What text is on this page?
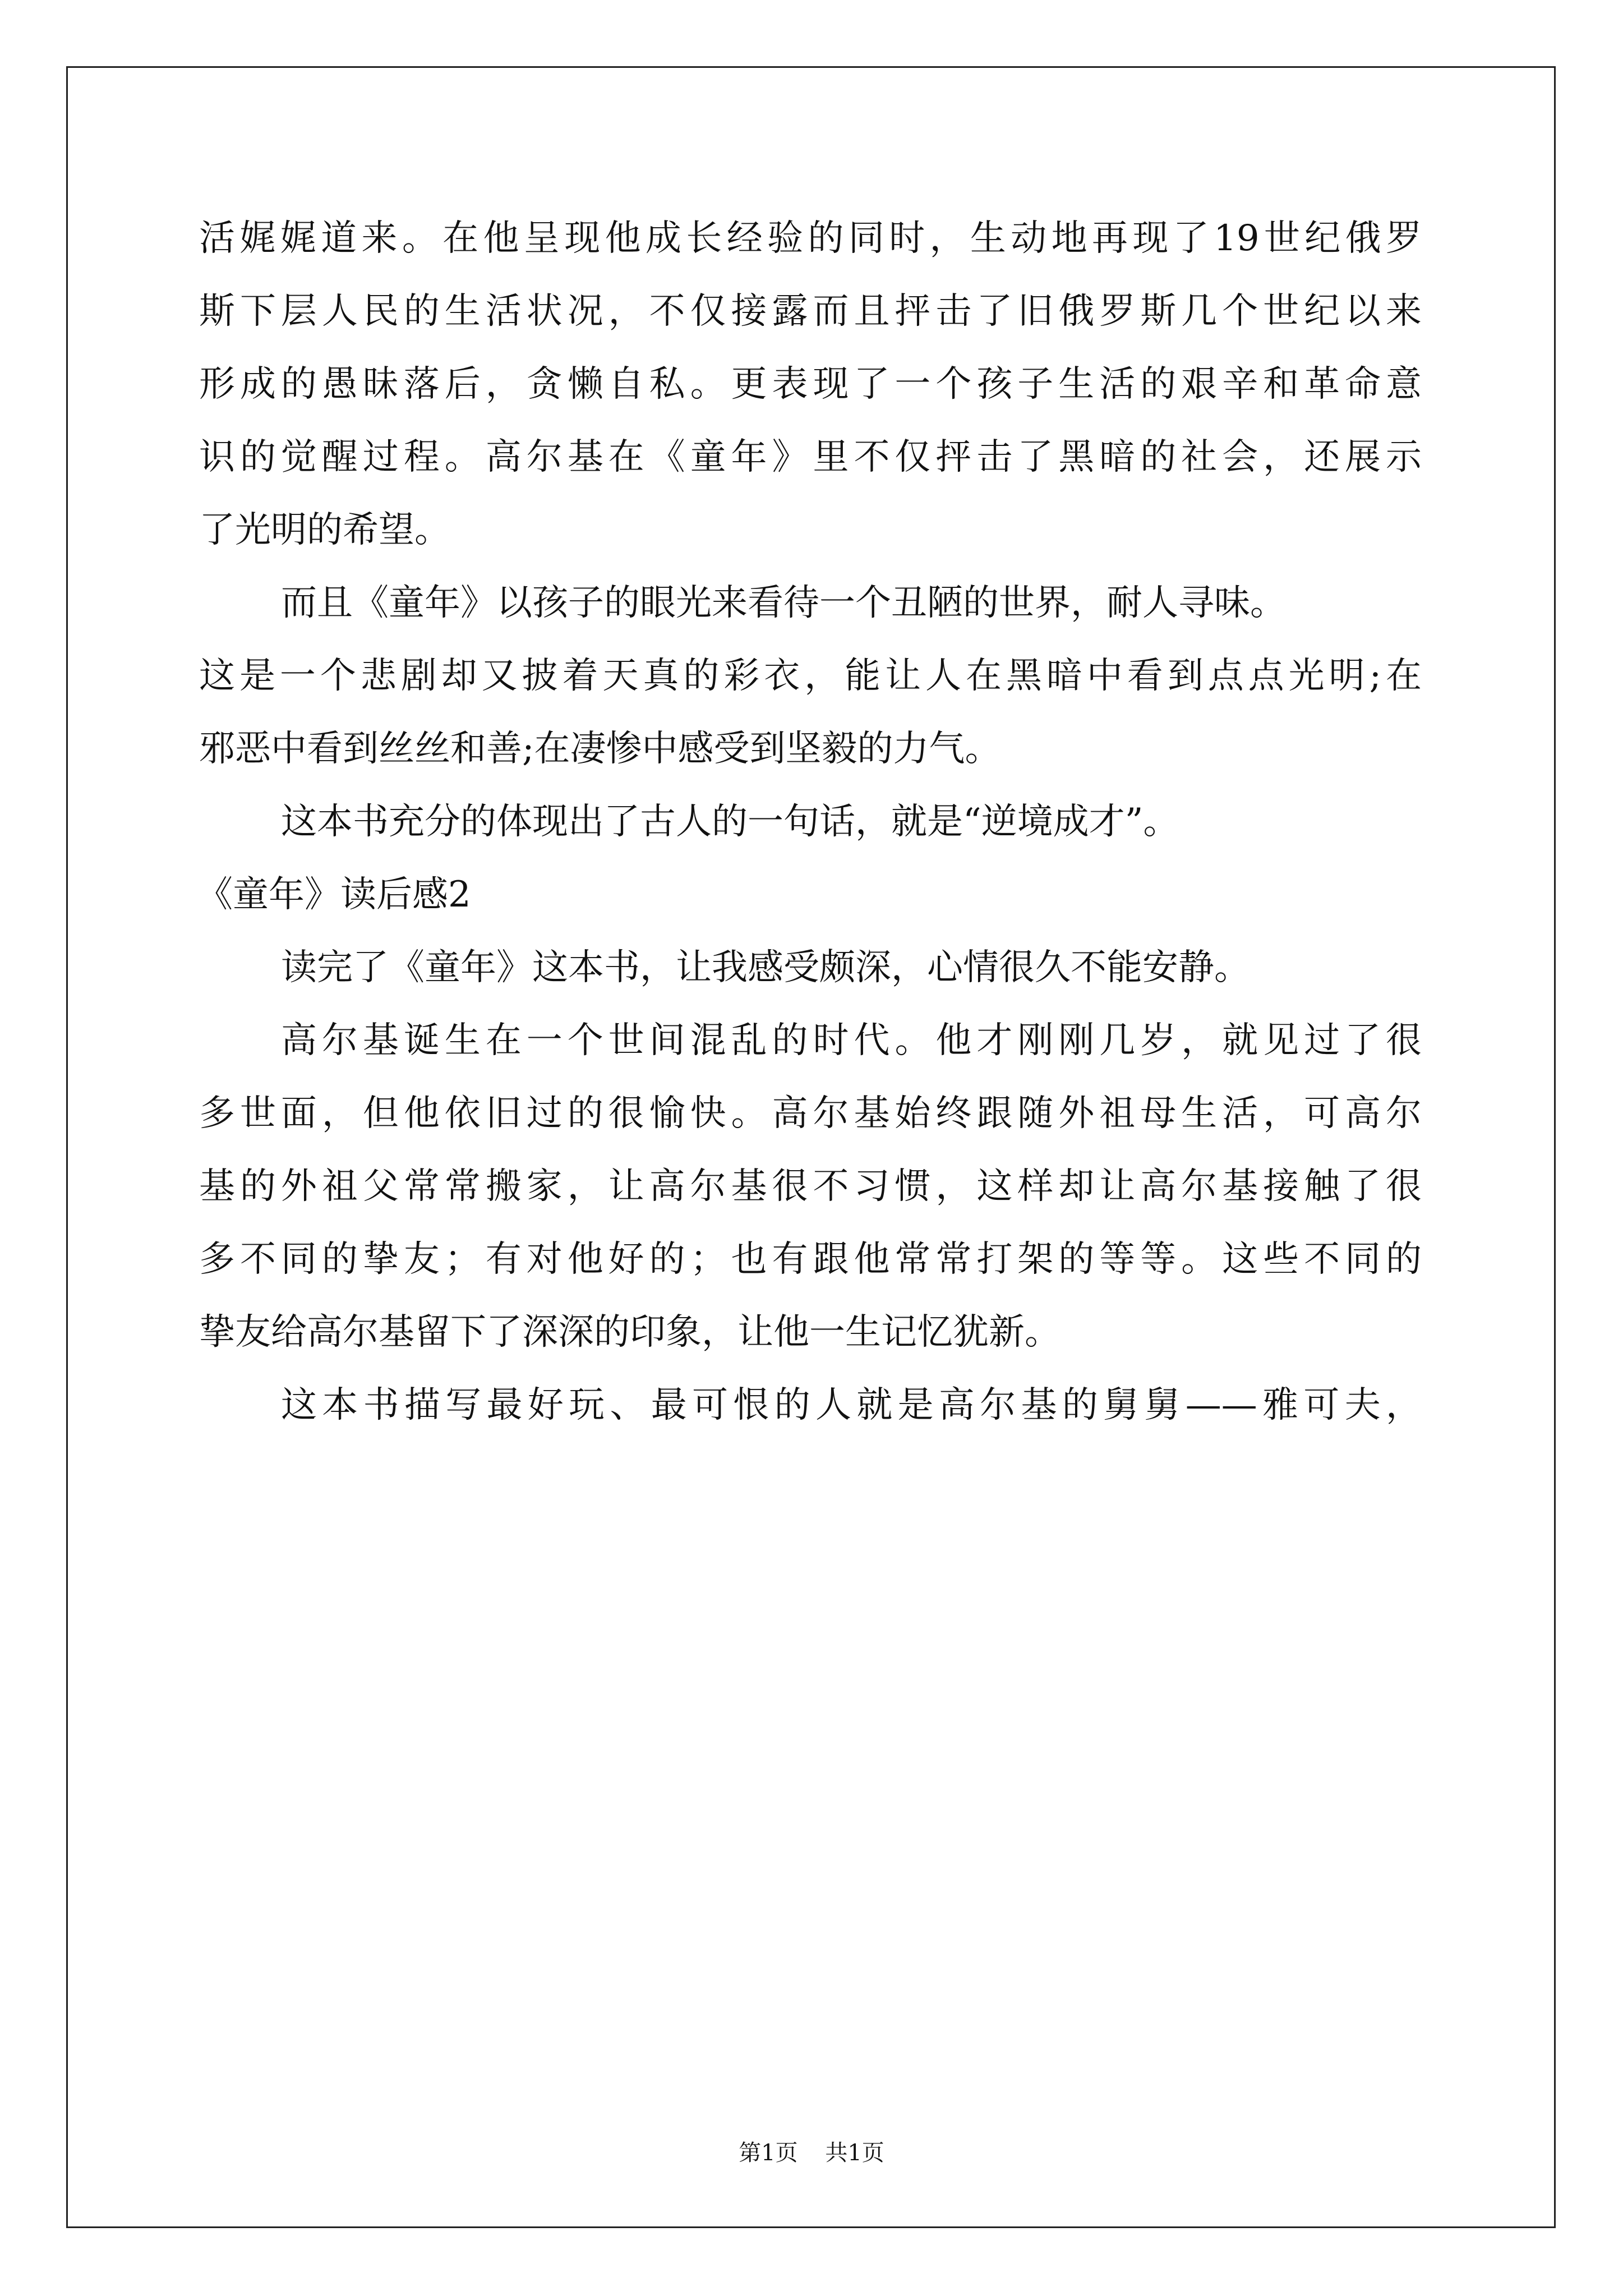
活娓娓道来。在他呈现他成长经验的同时，生动地再现了19世纪俄罗
斯下层人民的生活状况，不仅接露而且抨击了旧俄罗斯几个世纪以来
形成的愚昧落后，贪懒自私。更表现了一个孩子生活的艰辛和革命意
识的觉醒过程。高尔基在《童年》里不仅抨击了黑暗的社会，还展示
了光明的希望。
而且《童年》以孩子的眼光来看待一个丑陋的世界，耐人寻味。
这是一个悲剧却又披着天真的彩衣，能让人在黑暗中看到点点光明;在
邪恶中看到丝丝和善;在凄惨中感受到坚毅的力气。
这本书充分的体现出了古人的一句话，就是“逆境成才”。
《童年》读后感2
读完了《童年》这本书，让我感受颇深，心情很久不能安静。
高尔基诞生在一个世间混乱的时代。他才刚刚几岁，就见过了很
多世面，但他依旧过的很愉快。高尔基始终跟随外祖母生活，可高尔
基的外祖父常常搬家，让高尔基很不习惯，这样却让高尔基接触了很
多不同的挚友；有对他好的；也有跟他常常打架的等等。这些不同的
挚友给高尔基留下了深深的印象，让他一生记忆犹新。
这本书描写最好玩、最可恨的人就是高尔基的舅舅——雅可夫，
第1页 共1页
